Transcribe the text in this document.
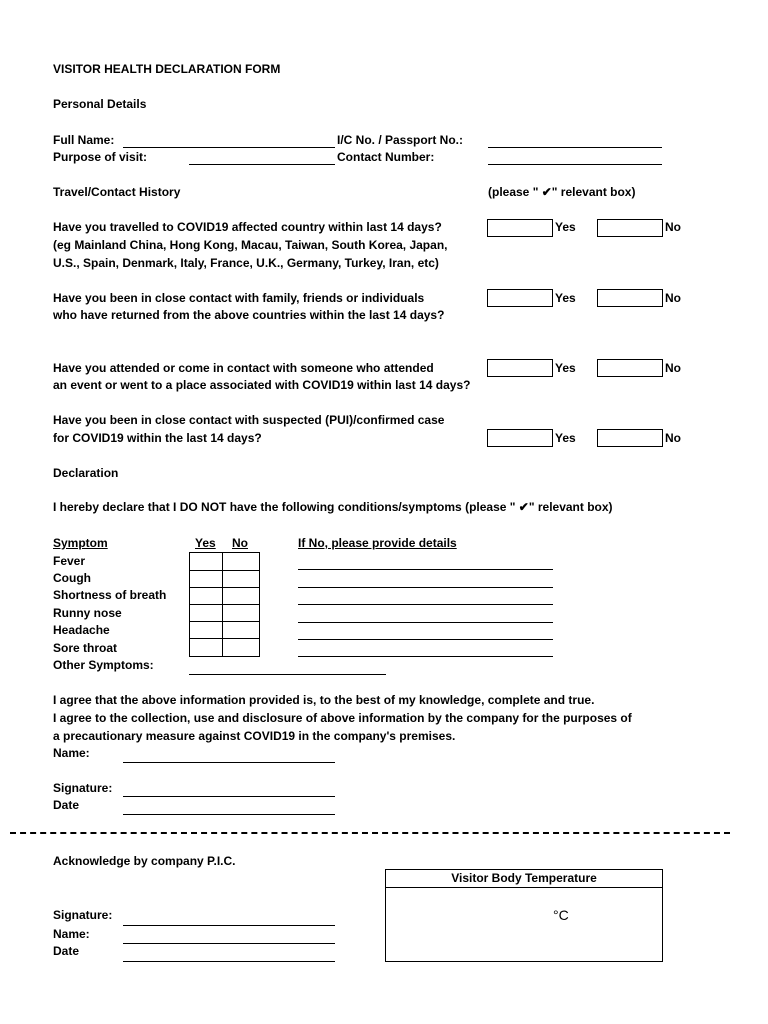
VISITOR HEALTH DECLARATION FORM
Personal Details
Full Name:	I/C No. / Passport No.:
Purpose of visit:	Contact Number:
Travel/Contact History	(please " ✔" relevant box)
Have you travelled to COVID19 affected country within last 14 days?
(eg Mainland China, Hong Kong, Macau, Taiwan, South Korea, Japan,
U.S., Spain, Denmark, Italy, France, U.K., Germany, Turkey, Iran, etc)
Yes	No
Have you been in close contact with family, friends or individuals
who have returned from the above countries within the last 14 days?
Yes	No
Have you attended or come in contact with someone who attended
an event or went to a place associated with COVID19 within last 14 days?
Yes	No
Have you been in close contact with suspected (PUI)/confirmed case
for COVID19 within the last 14 days?	Yes	No
Declaration
I hereby declare that I DO NOT have the following conditions/symptoms (please " ✔" relevant box)
Symptom	Yes No	If No, please provide details
Fever
Cough
Shortness of breath
Runny nose
Headache
Sore throat
Other Symptoms:
I agree that the above information provided is, to the best of my knowledge, complete and true.
I agree to the collection, use and disclosure of above information by the company for the purposes of
a precautionary measure against COVID19 in the company's premises.
Name:
Signature:
Date
Acknowledge by company P.I.C.
Visitor Body Temperature
°C
Signature:
Name:
Date
